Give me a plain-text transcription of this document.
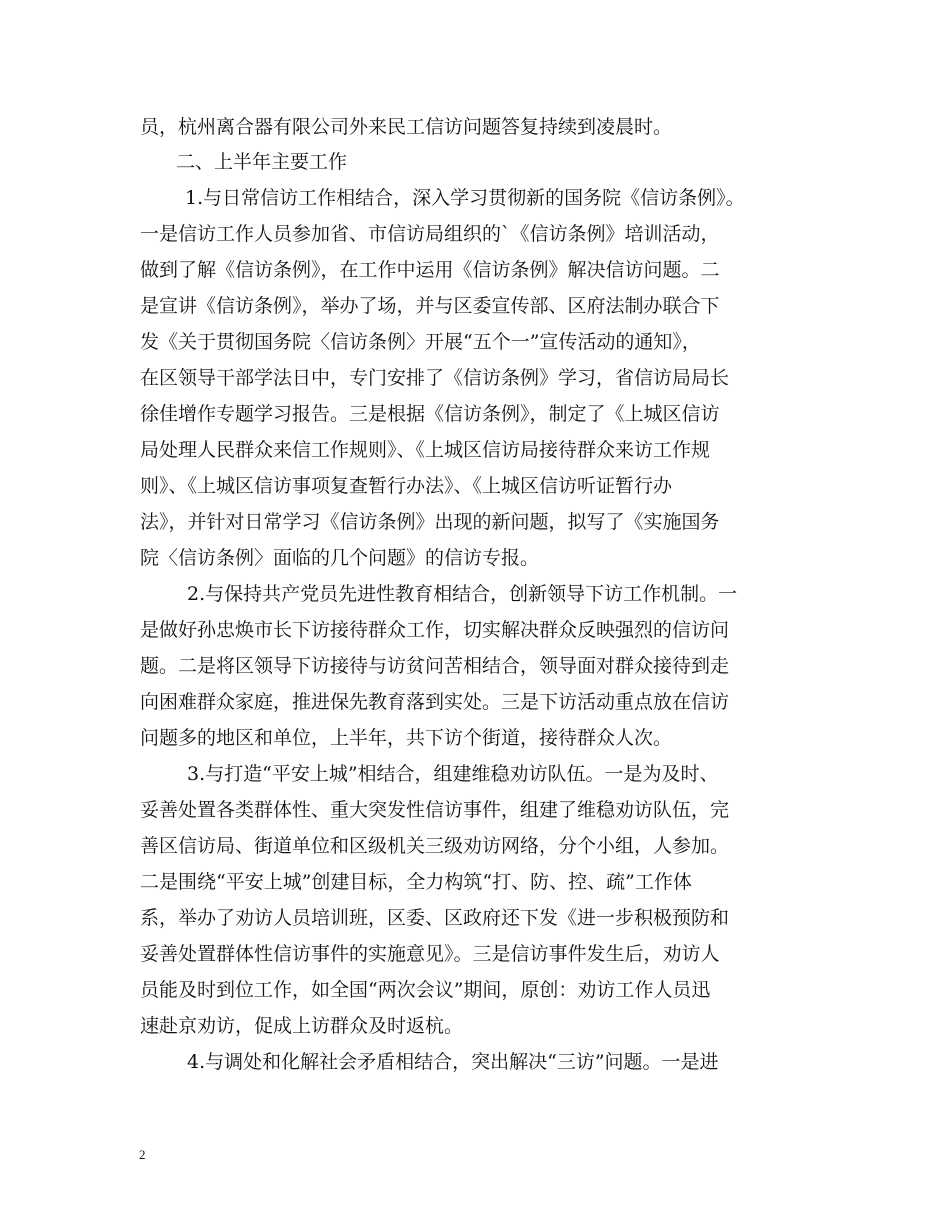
员，杭州离合器有限公司外来民工信访问题答复持续到凌晨时。
二、上半年主要工作
1.与日常信访工作相结合，深入学习贯彻新的国务院《信访条例》。
一是信访工作人员参加省、市信访局组织的`《信访条例》培训活动，
做到了解《信访条例》，在工作中运用《信访条例》解决信访问题。二
是宣讲《信访条例》，举办了场，并与区委宣传部、区府法制办联合下
发《关于贯彻国务院〈信访条例〉开展“五个一”宣传活动的通知》，
在区领导干部学法日中，专门安排了《信访条例》学习，省信访局局长
徐佳增作专题学习报告。三是根据《信访条例》，制定了《上城区信访
局处理人民群众来信工作规则》、《上城区信访局接待群众来访工作规
则》、《上城区信访事项复查暂行办法》、《上城区信访听证暂行办
法》，并针对日常学习《信访条例》出现的新问题，拟写了《实施国务
院〈信访条例〉面临的几个问题》的信访专报。
2.与保持共产党员先进性教育相结合，创新领导下访工作机制。一
是做好孙忠焕市长下访接待群众工作，切实解决群众反映强烈的信访问
题。二是将区领导下访接待与访贫问苦相结合，领导面对群众接待到走
向困难群众家庭，推进保先教育落到实处。三是下访活动重点放在信访
问题多的地区和单位，上半年，共下访个街道，接待群众人次。
3.与打造“平安上城”相结合，组建维稳劝访队伍。一是为及时、
妥善处置各类群体性、重大突发性信访事件，组建了维稳劝访队伍，完
善区信访局、街道单位和区级机关三级劝访网络，分个小组，人参加。
二是围绕“平安上城”创建目标，全力构筑“打、防、控、疏”工作体
系，举办了劝访人员培训班，区委、区政府还下发《进一步积极预防和
妥善处置群体性信访事件的实施意见》。三是信访事件发生后，劝访人
员能及时到位工作，如全国“两次会议”期间，原创：劝访工作人员迅
速赴京劝访，促成上访群众及时返杭。
4.与调处和化解社会矛盾相结合，突出解决“三访”问题。一是进
2
